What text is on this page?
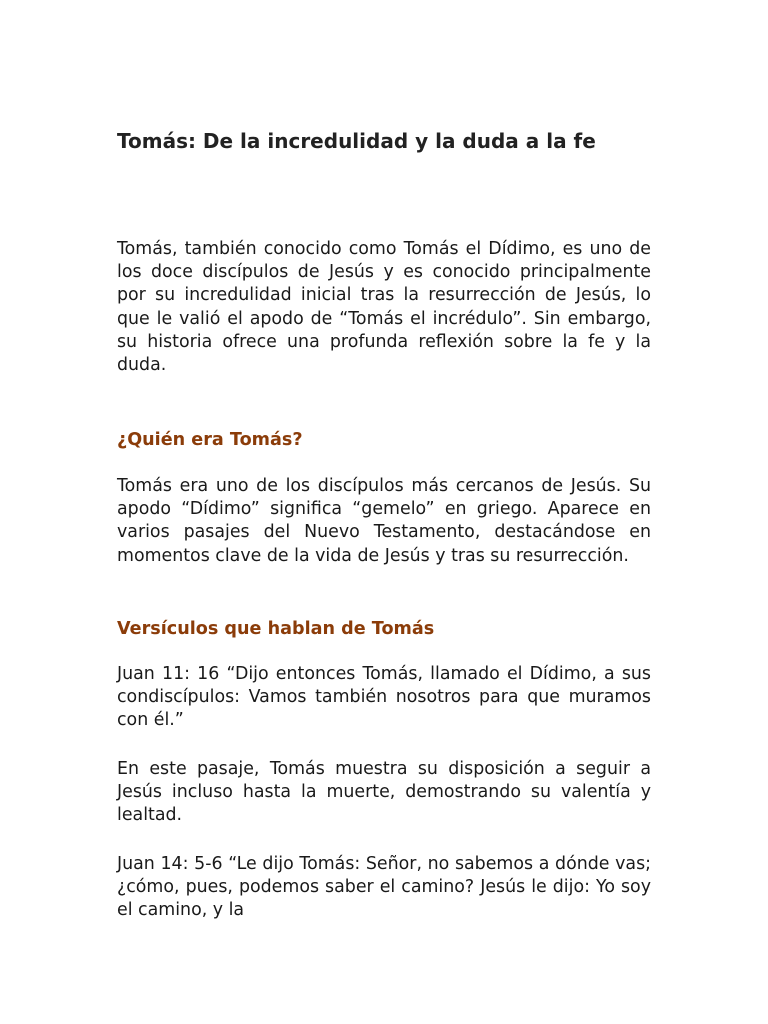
Tomás: De la incredulidad y la duda a la fe

Tomás, también conocido como Tomás el Dídimo, es uno de los doce discípulos de Jesús y es conocido principalmente por su incredulidad inicial tras la resurrección de Jesús, lo que le valió el apodo de “Tomás el incrédulo”. Sin embargo, su historia ofrece una profunda reflexión sobre la fe y la duda.

¿Quién era Tomás?

Tomás era uno de los discípulos más cercanos de Jesús. Su apodo “Dídimo” significa “gemelo” en griego. Aparece en varios pasajes del Nuevo Testamento, destacándose en momentos clave de la vida de Jesús y tras su resurrección.

Versículos que hablan de Tomás

Juan 11: 16 “Dijo entonces Tomás, llamado el Dídimo, a sus condiscípulos: Vamos también nosotros para que muramos con él.”

En este pasaje, Tomás muestra su disposición a seguir a Jesús incluso hasta la muerte, demostrando su valentía y lealtad.

Juan 14: 5-6 “Le dijo Tomás: Señor, no sabemos a dónde vas; ¿cómo, pues, podemos saber el camino? Jesús le dijo: Yo soy el camino, y la
